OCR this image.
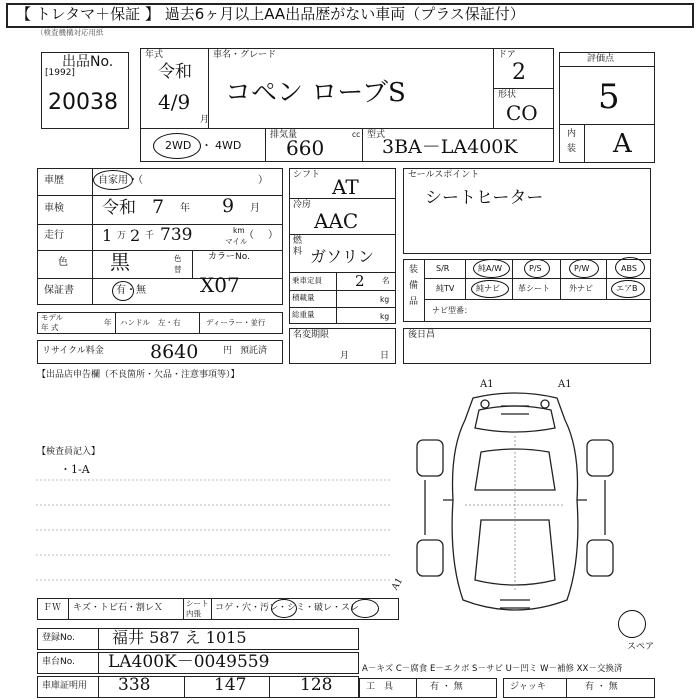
【 トレタマ＋保証 】 過去6ヶ月以上AA出品歴がない車両（プラス保証付）
（検査機構対応用紙
出品No.
[1992]
20038
年式
令和
4/9
月
車名・グレード
コペン ローブS
ドア
2
形状
CO
2WD ・ 4WD
排気量
660
cc 型式
3BA－LA400K
評価点
5
内
装 A
車歴	自家用・（	）
車検 令和 7 年 9 月
走行 1 万 2 千 739	km
マイル
（ ）
色 黒	色
替
カラーNo.
X07
保証書	有・無
モデル
年 式
年 ハンドル 左・右	ディーラー・並行
リサイクル料金 8640	円 預託済
シフト AT
冷房
AAC
燃
料 ガソリン
乗車定員 2 名
積載量	kg
総重量	kg
名変期限
月	日
セールスポイント
シートヒーター
装
備
品
S/R	純A/W	P/S	P/W	ABS
純TV	純ナビ 革シート 外ナビ	エアB
ナビ型番：
後日昌
【出品店申告欄（不良箇所・欠品・注意事項等）】
【検査員記入】
・1-A
A1	A1
A1
スペア
ＦＷ キズ・トビ石・割レＸ	シート
内張
コゲ・穴・汚レ・シミ・破レ・スレ
登録No. 福井 587 え 1015
車台No. LA400K－0049559
車庫証明用 338	147	128
A－キズ C－腐食 E－エクボ S－サビ U－凹ミ W－補修 XX－交換済
工　具	有 ・ 無	ジャッキ	有 ・ 無
